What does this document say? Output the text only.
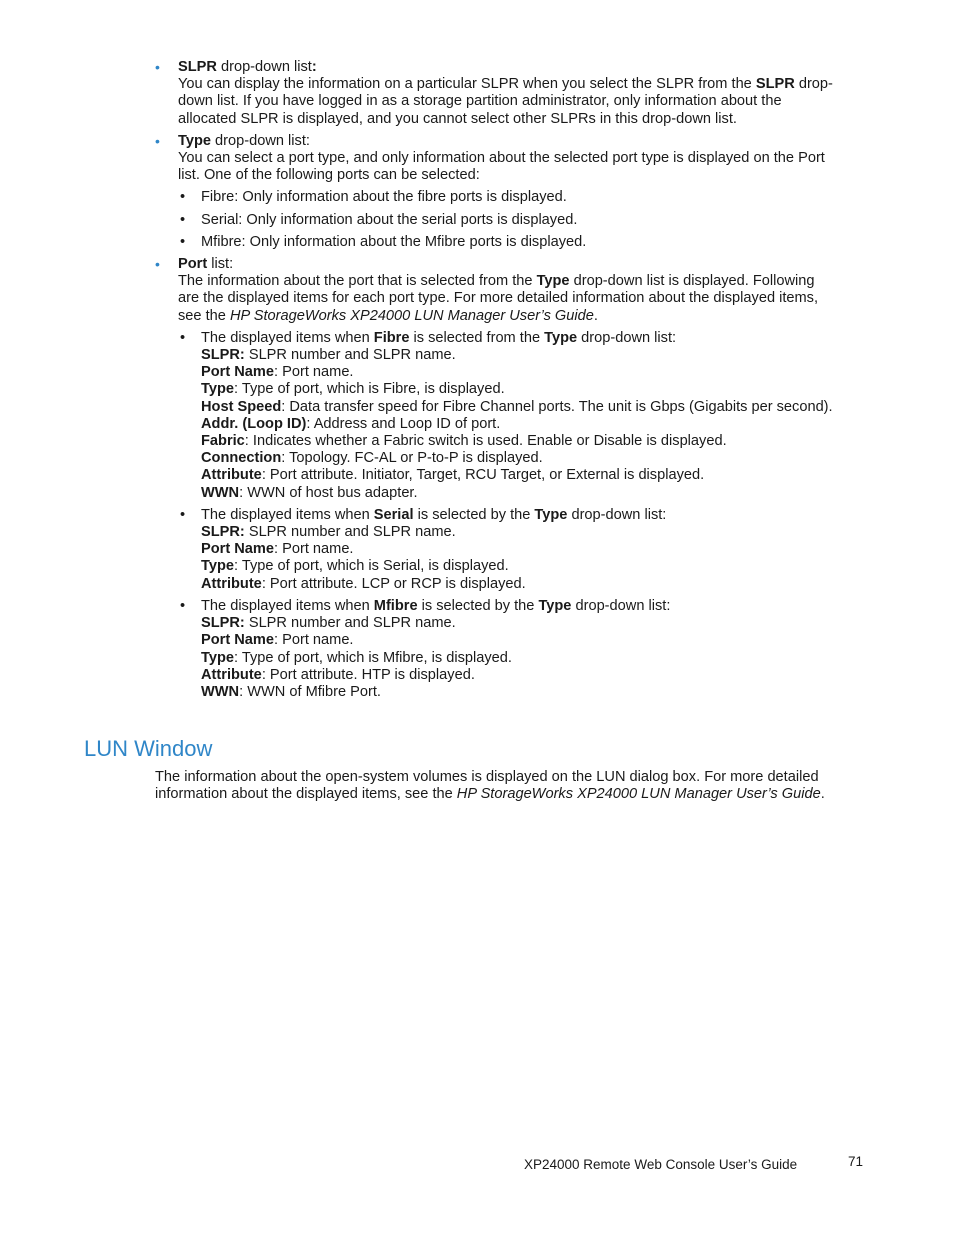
• SLPR drop-down list:
You can display the information on a particular SLPR when you select the SLPR from the SLPR drop-down list. If you have logged in as a storage partition administrator, only information about the allocated SLPR is displayed, and you cannot select other SLPRs in this drop-down list.
• Type drop-down list:
You can select a port type, and only information about the selected port type is displayed on the Port list. One of the following ports can be selected:
• Fibre: Only information about the fibre ports is displayed.
• Serial: Only information about the serial ports is displayed.
• Mfibre: Only information about the Mfibre ports is displayed.
• Port list:
The information about the port that is selected from the Type drop-down list is displayed. Following are the displayed items for each port type. For more detailed information about the displayed items, see the HP StorageWorks XP24000 LUN Manager User’s Guide.
• The displayed items when Fibre is selected from the Type drop-down list:
SLPR: SLPR number and SLPR name.
Port Name: Port name.
Type: Type of port, which is Fibre, is displayed.
Host Speed: Data transfer speed for Fibre Channel ports. The unit is Gbps (Gigabits per second).
Addr. (Loop ID): Address and Loop ID of port.
Fabric: Indicates whether a Fabric switch is used. Enable or Disable is displayed.
Connection: Topology. FC-AL or P-to-P is displayed.
Attribute: Port attribute. Initiator, Target, RCU Target, or External is displayed.
WWN: WWN of host bus adapter.
• The displayed items when Serial is selected by the Type drop-down list:
SLPR: SLPR number and SLPR name.
Port Name: Port name.
Type: Type of port, which is Serial, is displayed.
Attribute: Port attribute. LCP or RCP is displayed.
• The displayed items when Mfibre is selected by the Type drop-down list:
SLPR: SLPR number and SLPR name.
Port Name: Port name.
Type: Type of port, which is Mfibre, is displayed.
Attribute: Port attribute. HTP is displayed.
WWN: WWN of Mfibre Port.
LUN Window
The information about the open-system volumes is displayed on the LUN dialog box. For more detailed information about the displayed items, see the HP StorageWorks XP24000 LUN Manager User’s Guide.
XP24000 Remote Web Console User’s Guide	71
